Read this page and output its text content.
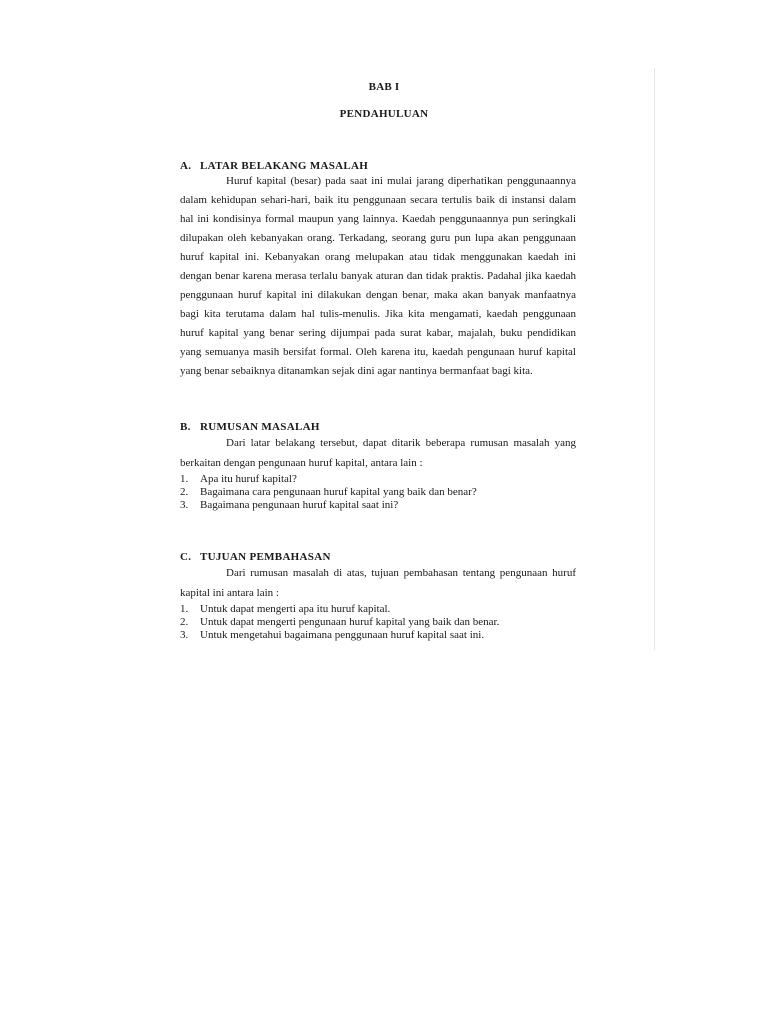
BAB I
PENDAHULUAN
A. LATAR BELAKANG MASALAH

Huruf kapital (besar) pada saat ini mulai jarang diperhatikan penggunaannya dalam kehidupan sehari-hari, baik itu penggunaan secara tertulis baik di instansi dalam hal ini kondisinya formal maupun yang lainnya. Kaedah penggunaannya pun seringkali dilupakan oleh kebanyakan orang. Terkadang, seorang guru pun lupa akan penggunaan huruf kapital ini. Kebanyakan orang melupakan atau tidak menggunakan kaedah ini dengan benar karena merasa terlalu banyak aturan dan tidak praktis. Padahal jika kaedah penggunaan huruf kapital ini dilakukan dengan benar, maka akan banyak manfaatnya bagi kita terutama dalam hal tulis-menulis. Jika kita mengamati, kaedah penggunaan huruf kapital yang benar sering dijumpai pada surat kabar, majalah, buku pendidikan yang semuanya masih bersifat formal. Oleh karena itu, kaedah pengunaan huruf kapital yang benar sebaiknya ditanamkan sejak dini agar nantinya bermanfaat bagi kita.

B. RUMUSAN MASALAH

Dari latar belakang tersebut, dapat ditarik beberapa rumusan masalah yang berkaitan dengan pengunaan huruf kapital, antara lain :

1.	Apa itu huruf kapital?
2.	Bagaimana cara pengunaan huruf kapital yang baik dan benar?
3.	Bagaimana pengunaan huruf kapital saat ini?
C. TUJUAN PEMBAHASAN

Dari rumusan masalah di atas, tujuan pembahasan tentang pengunaan huruf kapital ini antara lain :

1.	Untuk dapat mengerti apa itu huruf kapital.
2.	Untuk dapat mengerti pengunaan huruf kapital yang baik dan benar.
3.	Untuk mengetahui bagaimana penggunaan huruf kapital saat ini.
